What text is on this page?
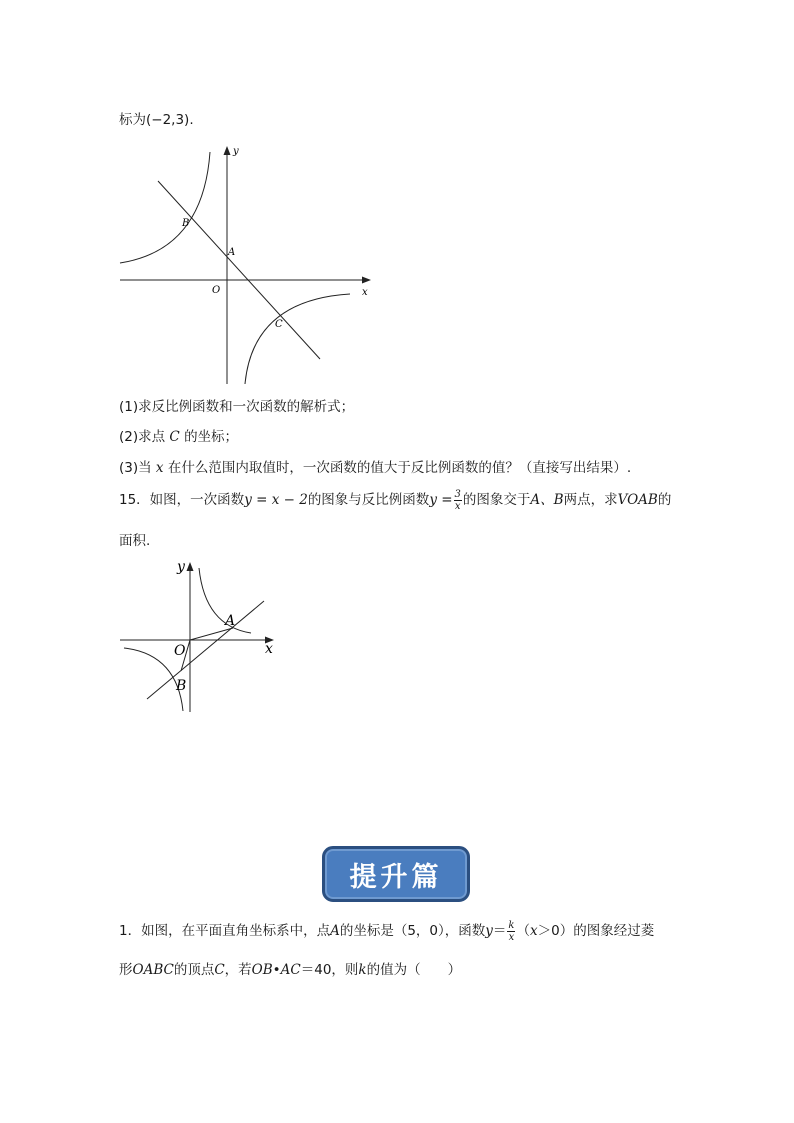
标为(−2,3).
y
x
O
A
B
C
(1)求反比例函数和一次函数的解析式；
(2)求点 C 的坐标；
(3)当 x 在什么范围内取值时，一次函数的值大于反比例函数的值？（直接写出结果）.
15．如图，一次函数y = x − 2的图象与反比例函数$y = \frac{3}{x}$ 的图象交于A、B两点，求VOAB的
面积.
y
x
O
A
B
提升篇
1．如图，在平面直角坐标系中，点A的坐标是（5，0），函数$y= \frac{k}{x} (x>0)$的图象经过菱
形OABC的顶点C，若OB•AC＝40，则k的值为（　　）
